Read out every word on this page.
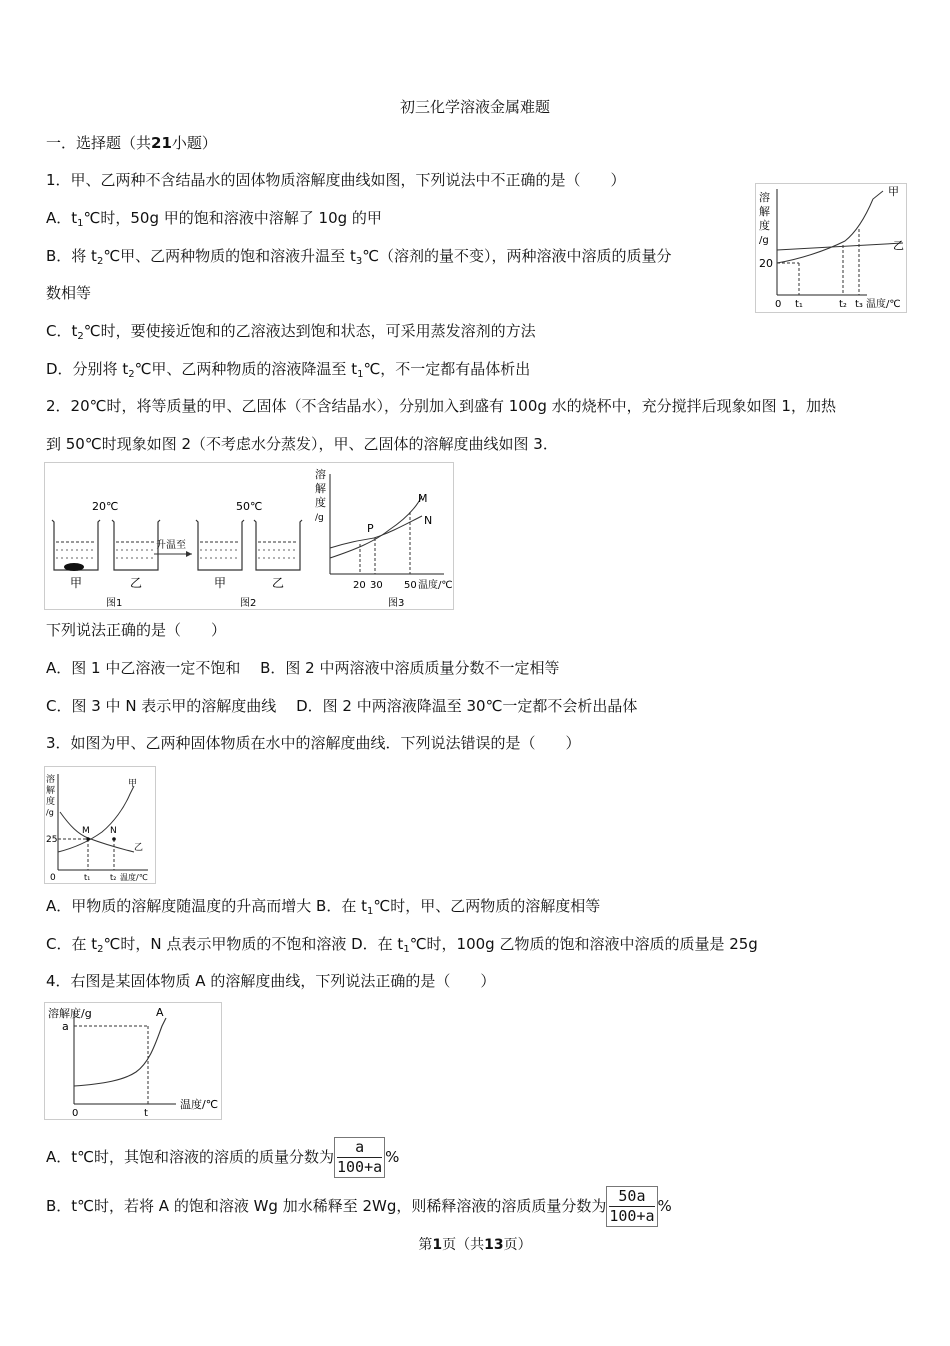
初三化学溶液金属难题
一．选择题（共21小题）
1．甲、乙两种不含结晶水的固体物质溶解度曲线如图，下列说法中不正确的是（　　）
A．$t_1℃$时，50g 甲的饱和溶液中溶解了 10g 的甲
B．将 $t_2℃$甲、乙两种物质的饱和溶液升温至 $t_3℃$（溶剂的量不变），两种溶液中溶质的质量分
数相等
C．$t_2℃$时，要使接近饱和的乙溶液达到饱和状态，可采用蒸发溶剂的方法
D．分别将 $t_2℃$甲、乙两种物质的溶液降温至 $t_1℃$，不一定都有晶体析出
溶
解
度
/g
20
0 t₁	t₂ t₃ 温度/℃
甲
乙
2．20℃时，将等质量的甲、乙固体（不含结晶水），分别加入到盛有 100g 水的烧杯中，充分搅拌后现象如图 1，加热
到 50℃时现象如图 2（不考虑水分蒸发），甲、乙固体的溶解度曲线如图 3．
20℃	50℃
升温至
甲	乙	甲	乙
图1	图2	图3
溶
解
度
/g
P
M
N
20 30 50 温度/℃
下列说法正确的是（　　）
A．图 1 中乙溶液一定不饱和　 B．图 2 中两溶液中溶质质量分数不一定相等
C．图 3 中 N 表示甲的溶解度曲线　 D．图 2 中两溶液降温至 30℃一定都不会析出晶体
3．如图为甲、乙两种固体物质在水中的溶解度曲线．下列说法错误的是（　　）
溶
解
度
/g
25
0
M N
甲
乙
t₁ t₂ 温度/℃
A．甲物质的溶解度随温度的升高而增大 B．在 $t_1℃$时，甲、乙两物质的溶解度相等
C．在 $t_2℃$时，N 点表示甲物质的不饱和溶液 D．在 $t_1℃$时，100g 乙物质的饱和溶液中溶质的质量是 25g
4．右图是某固体物质 A 的溶解度曲线，下列说法正确的是（　　）
溶解度/g
a
0
A
t
温度/℃
A．t℃时，其饱和溶液的溶质的质量分数为 $\frac{a}{100+a}$ %
B．t℃时，若将 A 的饱和溶液 Wg 加水稀释至 2Wg，则稀释溶液的溶质质量分数为 $\frac{50a}{100+a}$ %
第1页（共13页）
